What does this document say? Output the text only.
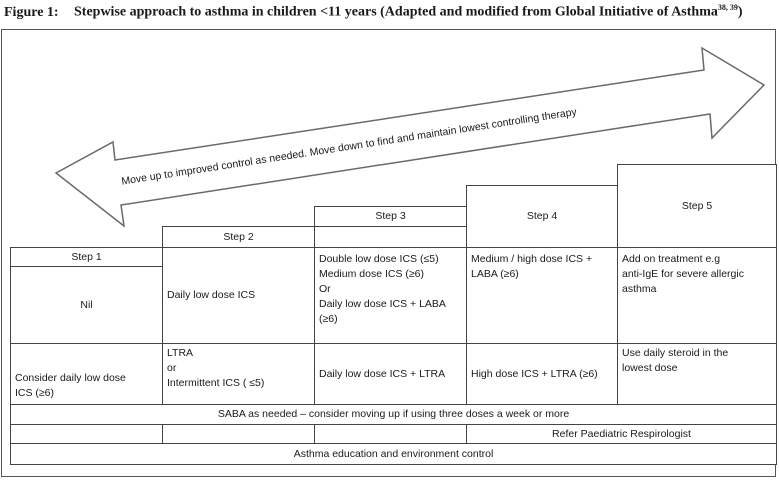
Figure 1: Stepwise approach to asthma in children <11 years (Adapted and modified from Global Initiative of Asthma$^{38, 39}$)
Move up to improved control as needed. Move down to find and maintain lowest controlling therapy
Step 5
Step 4
Step 3
Step 2
Step 1
Nil
Daily low dose ICS
Double low dose ICS (≤5)
Medium dose ICS (≥6)
Or
Daily low dose ICS + LABA
(≥6)
Medium / high dose ICS +
LABA (≥6)
Add on treatment e.g
anti-IgE for severe allergic
asthma
Consider daily low dose
ICS (≥6)
LTRA
or
Intermittent ICS ( ≤5)
Daily low dose ICS + LTRA High dose ICS + LTRA (≥6)
Use daily steroid in the
lowest dose
SABA as needed – consider moving up if using three doses a week or more
Refer Paediatric Respirologist
Asthma education and environment control
